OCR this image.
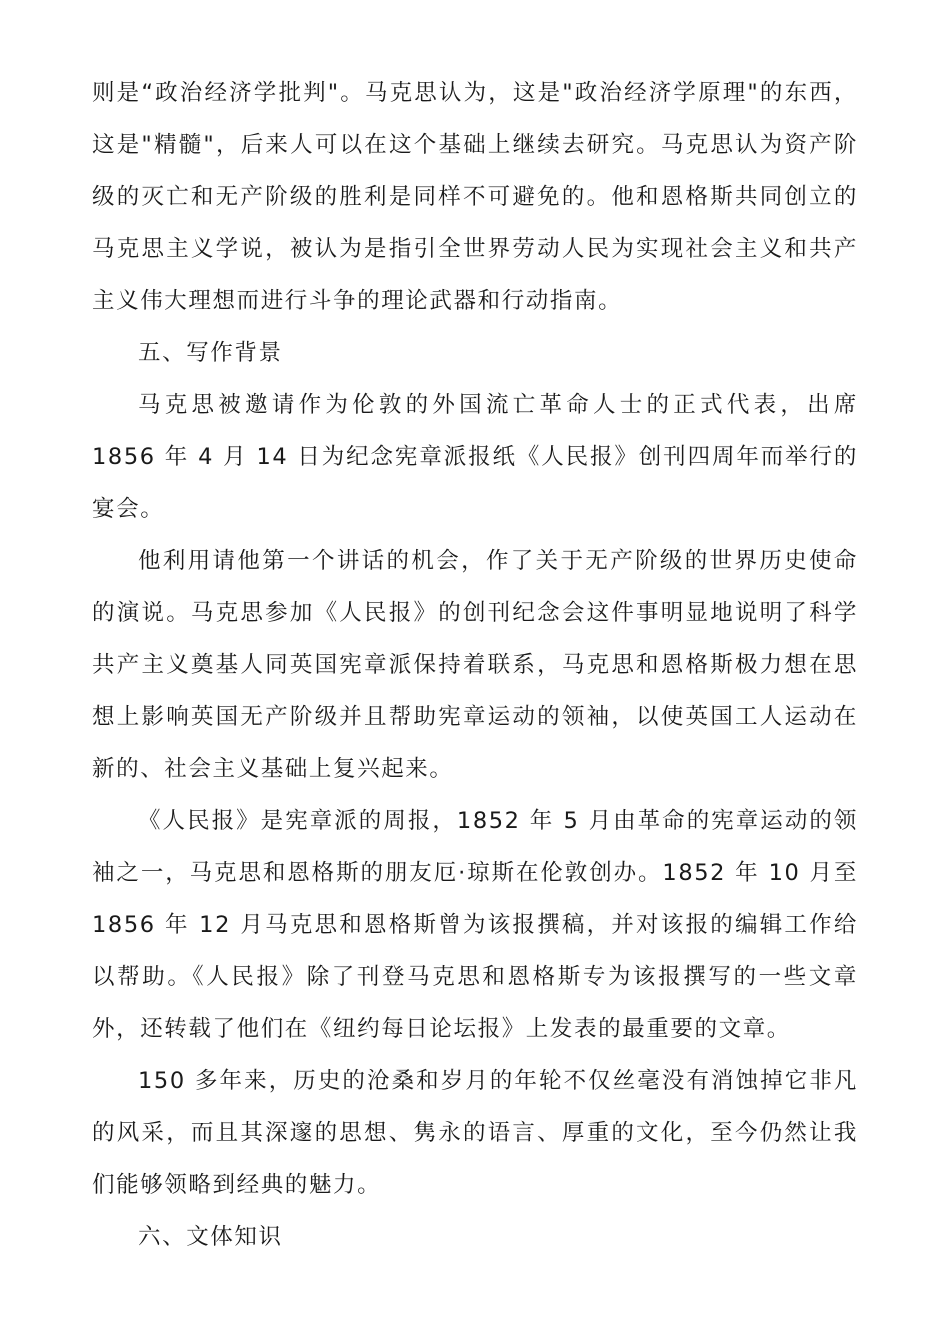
则是“政治经济学批判"。马克思认为，这是"政治经济学原理"的东西，这是"精髓"，后来人可以在这个基础上继续去研究。马克思认为资产阶级的灭亡和无产阶级的胜利是同样不可避免的。他和恩格斯共同创立的马克思主义学说，被认为是指引全世界劳动人民为实现社会主义和共产主义伟大理想而进行斗争的理论武器和行动指南。

五、写作背景

马克思被邀请作为伦敦的外国流亡革命人士的正式代表，出席 1856 年 4 月 14 日为纪念宪章派报纸《人民报》创刊四周年而举行的宴会。

他利用请他第一个讲话的机会，作了关于无产阶级的世界历史使命的演说。马克思参加《人民报》的创刊纪念会这件事明显地说明了科学共产主义奠基人同英国宪章派保持着联系，马克思和恩格斯极力想在思想上影响英国无产阶级并且帮助宪章运动的领袖，以使英国工人运动在新的、社会主义基础上复兴起来。

《人民报》是宪章派的周报，1852 年 5 月由革命的宪章运动的领袖之一，马克思和恩格斯的朋友厄·琼斯在伦敦创办。1852 年 10 月至 1856 年 12 月马克思和恩格斯曾为该报撰稿，并对该报的编辑工作给以帮助。《人民报》除了刊登马克思和恩格斯专为该报撰写的一些文章外，还转载了他们在《纽约每日论坛报》上发表的最重要的文章。

150 多年来，历史的沧桑和岁月的年轮不仅丝毫没有消蚀掉它非凡的风采，而且其深邃的思想、隽永的语言、厚重的文化，至今仍然让我们能够领略到经典的魅力。

六、文体知识
